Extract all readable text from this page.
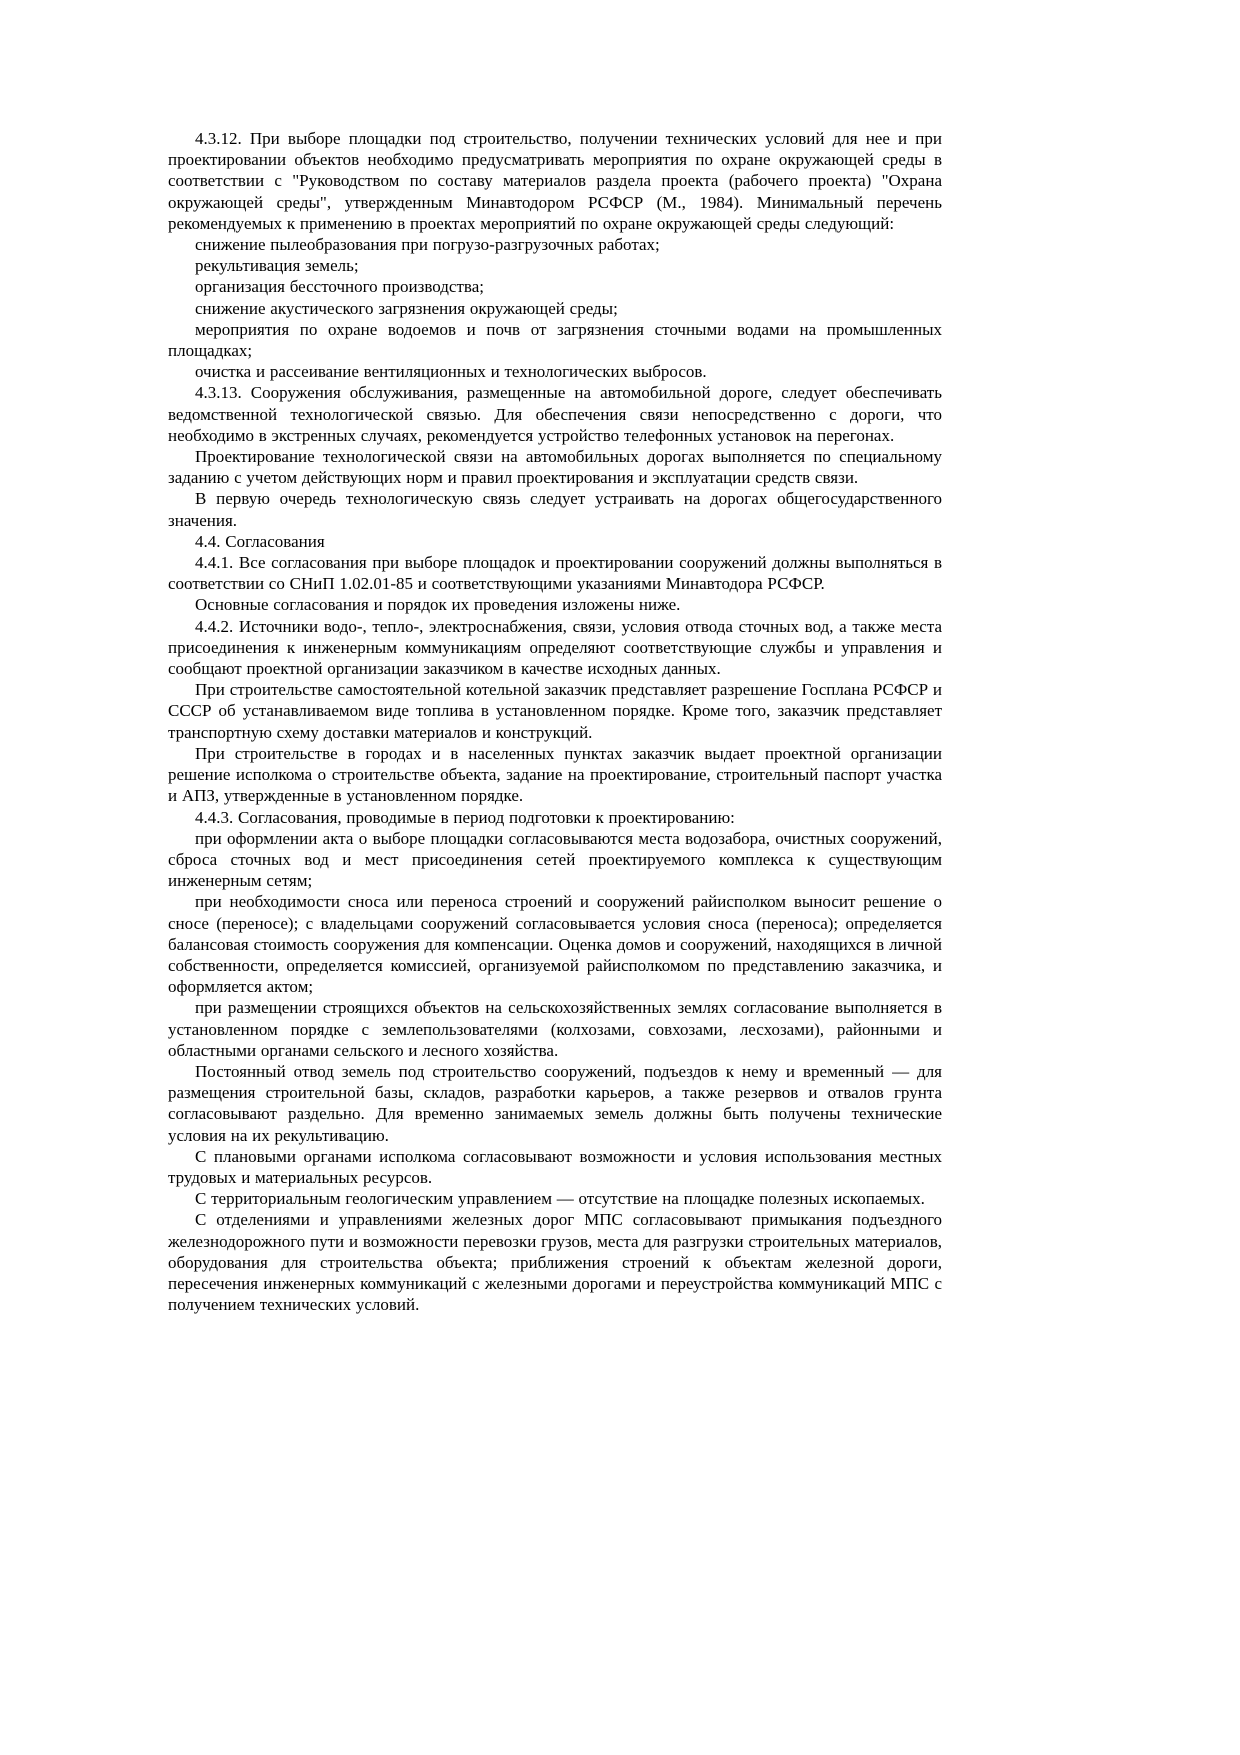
4.3.12. При выборе площадки под строительство, получении технических условий для нее и при проектировании объектов необходимо предусматривать мероприятия по охране окружающей среды в соответствии с "Руководством по составу материалов раздела проекта (рабочего проекта) "Охрана окружающей среды", утвержденным Минавтодором РСФСР (М., 1984). Минимальный перечень рекомендуемых к применению в проектах мероприятий по охране окружающей среды следующий:

снижение пылеобразования при погрузо-разгрузочных работах;

рекультивация земель;

организация бессточного производства;

снижение акустического загрязнения окружающей среды;

мероприятия по охране водоемов и почв от загрязнения сточными водами на промышленных площадках;

очистка и рассеивание вентиляционных и технологических выбросов.

4.3.13. Сооружения обслуживания, размещенные на автомобильной дороге, следует обеспечивать ведомственной технологической связью. Для обеспечения связи непосредственно с дороги, что необходимо в экстренных случаях, рекомендуется устройство телефонных установок на перегонах.

Проектирование технологической связи на автомобильных дорогах выполняется по специальному заданию с учетом действующих норм и правил проектирования и эксплуатации средств связи.

В первую очередь технологическую связь следует устраивать на дорогах общегосударственного значения.

4.4. Согласования

4.4.1. Все согласования при выборе площадок и проектировании сооружений должны выполняться в соответствии со СНиП 1.02.01-85 и соответствующими указаниями Минавтодора РСФСР.

Основные согласования и порядок их проведения изложены ниже.

4.4.2. Источники водо-, тепло-, электроснабжения, связи, условия отвода сточных вод, а также места присоединения к инженерным коммуникациям определяют соответствующие службы и управления и сообщают проектной организации заказчиком в качестве исходных данных.

При строительстве самостоятельной котельной заказчик представляет разрешение Госплана РСФСР и СССР об устанавливаемом виде топлива в установленном порядке. Кроме того, заказчик представляет транспортную схему доставки материалов и конструкций.

При строительстве в городах и в населенных пунктах заказчик выдает проектной организации решение исполкома о строительстве объекта, задание на проектирование, строительный паспорт участка и АПЗ, утвержденные в установленном порядке.

4.4.3. Согласования, проводимые в период подготовки к проектированию:

при оформлении акта о выборе площадки согласовываются места водозабора, очистных сооружений, сброса сточных вод и мест присоединения сетей проектируемого комплекса к существующим инженерным сетям;

при необходимости сноса или переноса строений и сооружений райисполком выносит решение о сносе (переносе); с владельцами сооружений согласовывается условия сноса (переноса); определяется балансовая стоимость сооружения для компенсации. Оценка домов и сооружений, находящихся в личной собственности, определяется комиссией, организуемой райисполкомом по представлению заказчика, и оформляется актом;

при размещении строящихся объектов на сельскохозяйственных землях согласование выполняется в установленном порядке с землепользователями (колхозами, совхозами, лесхозами), районными и областными органами сельского и лесного хозяйства.

Постоянный отвод земель под строительство сооружений, подъездов к нему и временный — для размещения строительной базы, складов, разработки карьеров, а также резервов и отвалов грунта согласовывают раздельно. Для временно занимаемых земель должны быть получены технические условия на их рекультивацию.

С плановыми органами исполкома согласовывают возможности и условия использования местных трудовых и материальных ресурсов.

С территориальным геологическим управлением — отсутствие на площадке полезных ископаемых.

С отделениями и управлениями железных дорог МПС согласовывают примыкания подъездного железнодорожного пути и возможности перевозки грузов, места для разгрузки строительных материалов, оборудования для строительства объекта; приближения строений к объектам железной дороги, пересечения инженерных коммуникаций с железными дорогами и переустройства коммуникаций МПС с получением технических условий.
